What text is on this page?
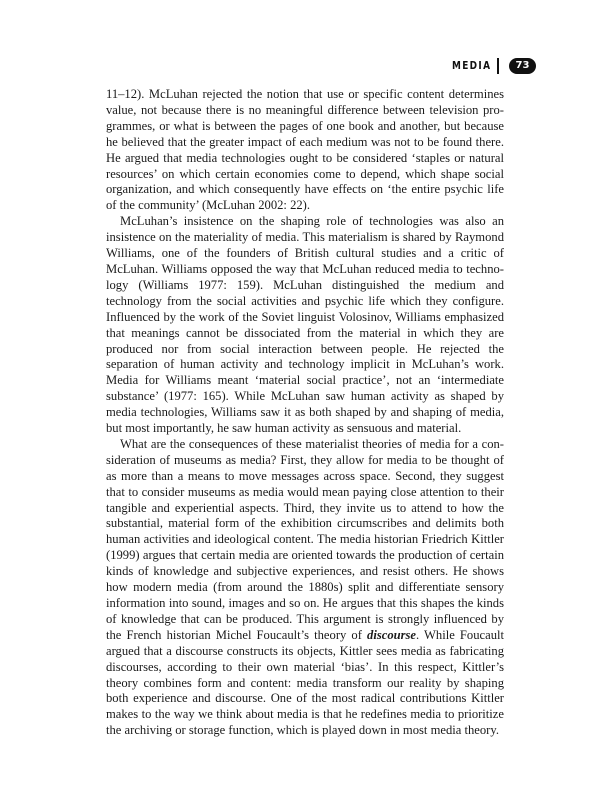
MEDIA	73

11–12). McLuhan rejected the notion that use or specific content determines value, not because there is no meaningful difference between television programmes, or what is between the pages of one book and another, but because he believed that the greater impact of each medium was not to be found there. He argued that media technologies ought to be considered ‘staples or natural resources’ on which certain economies come to depend, which shape social organization, and which consequently have effects on ‘the entire psychic life of the community’ (McLuhan 2002: 22).

McLuhan’s insistence on the shaping role of technologies was also an insistence on the materiality of media. This materialism is shared by Raymond Williams, one of the founders of British cultural studies and a critic of McLuhan. Williams opposed the way that McLuhan reduced media to technology (Williams 1977: 159). McLuhan distinguished the medium and technology from the social activities and psychic life which they configure. Influenced by the work of the Soviet linguist Volosinov, Williams emphasized that meanings cannot be dissociated from the material in which they are produced nor from social interaction between people. He rejected the separation of human activity and technology implicit in McLuhan’s work. Media for Williams meant ‘material social practice’, not an ‘intermediate substance’ (1977: 165). While McLuhan saw human activity as shaped by media technologies, Williams saw it as both shaped by and shaping of media, but most importantly, he saw human activity as sensuous and material.

What are the consequences of these materialist theories of media for a consideration of museums as media? First, they allow for media to be thought of as more than a means to move messages across space. Second, they suggest that to consider museums as media would mean paying close attention to their tangible and experiential aspects. Third, they invite us to attend to how the substantial, material form of the exhibition circumscribes and delimits both human activities and ideological content. The media historian Friedrich Kittler (1999) argues that certain media are oriented towards the production of certain kinds of knowledge and subjective experiences, and resist others. He shows how modern media (from around the 1880s) split and differentiate sensory information into sound, images and so on. He argues that this shapes the kinds of knowledge that can be produced. This argument is strongly influenced by the French historian Michel Foucault’s theory of discourse. While Foucault argued that a discourse constructs its objects, Kittler sees media as fabricating discourses, according to their own material ‘bias’. In this respect, Kittler’s theory combines form and content: media transform our reality by shaping both experience and discourse. One of the most radical contributions Kittler makes to the way we think about media is that he redefines media to prioritize the archiving or storage function, which is played down in most media theory.
